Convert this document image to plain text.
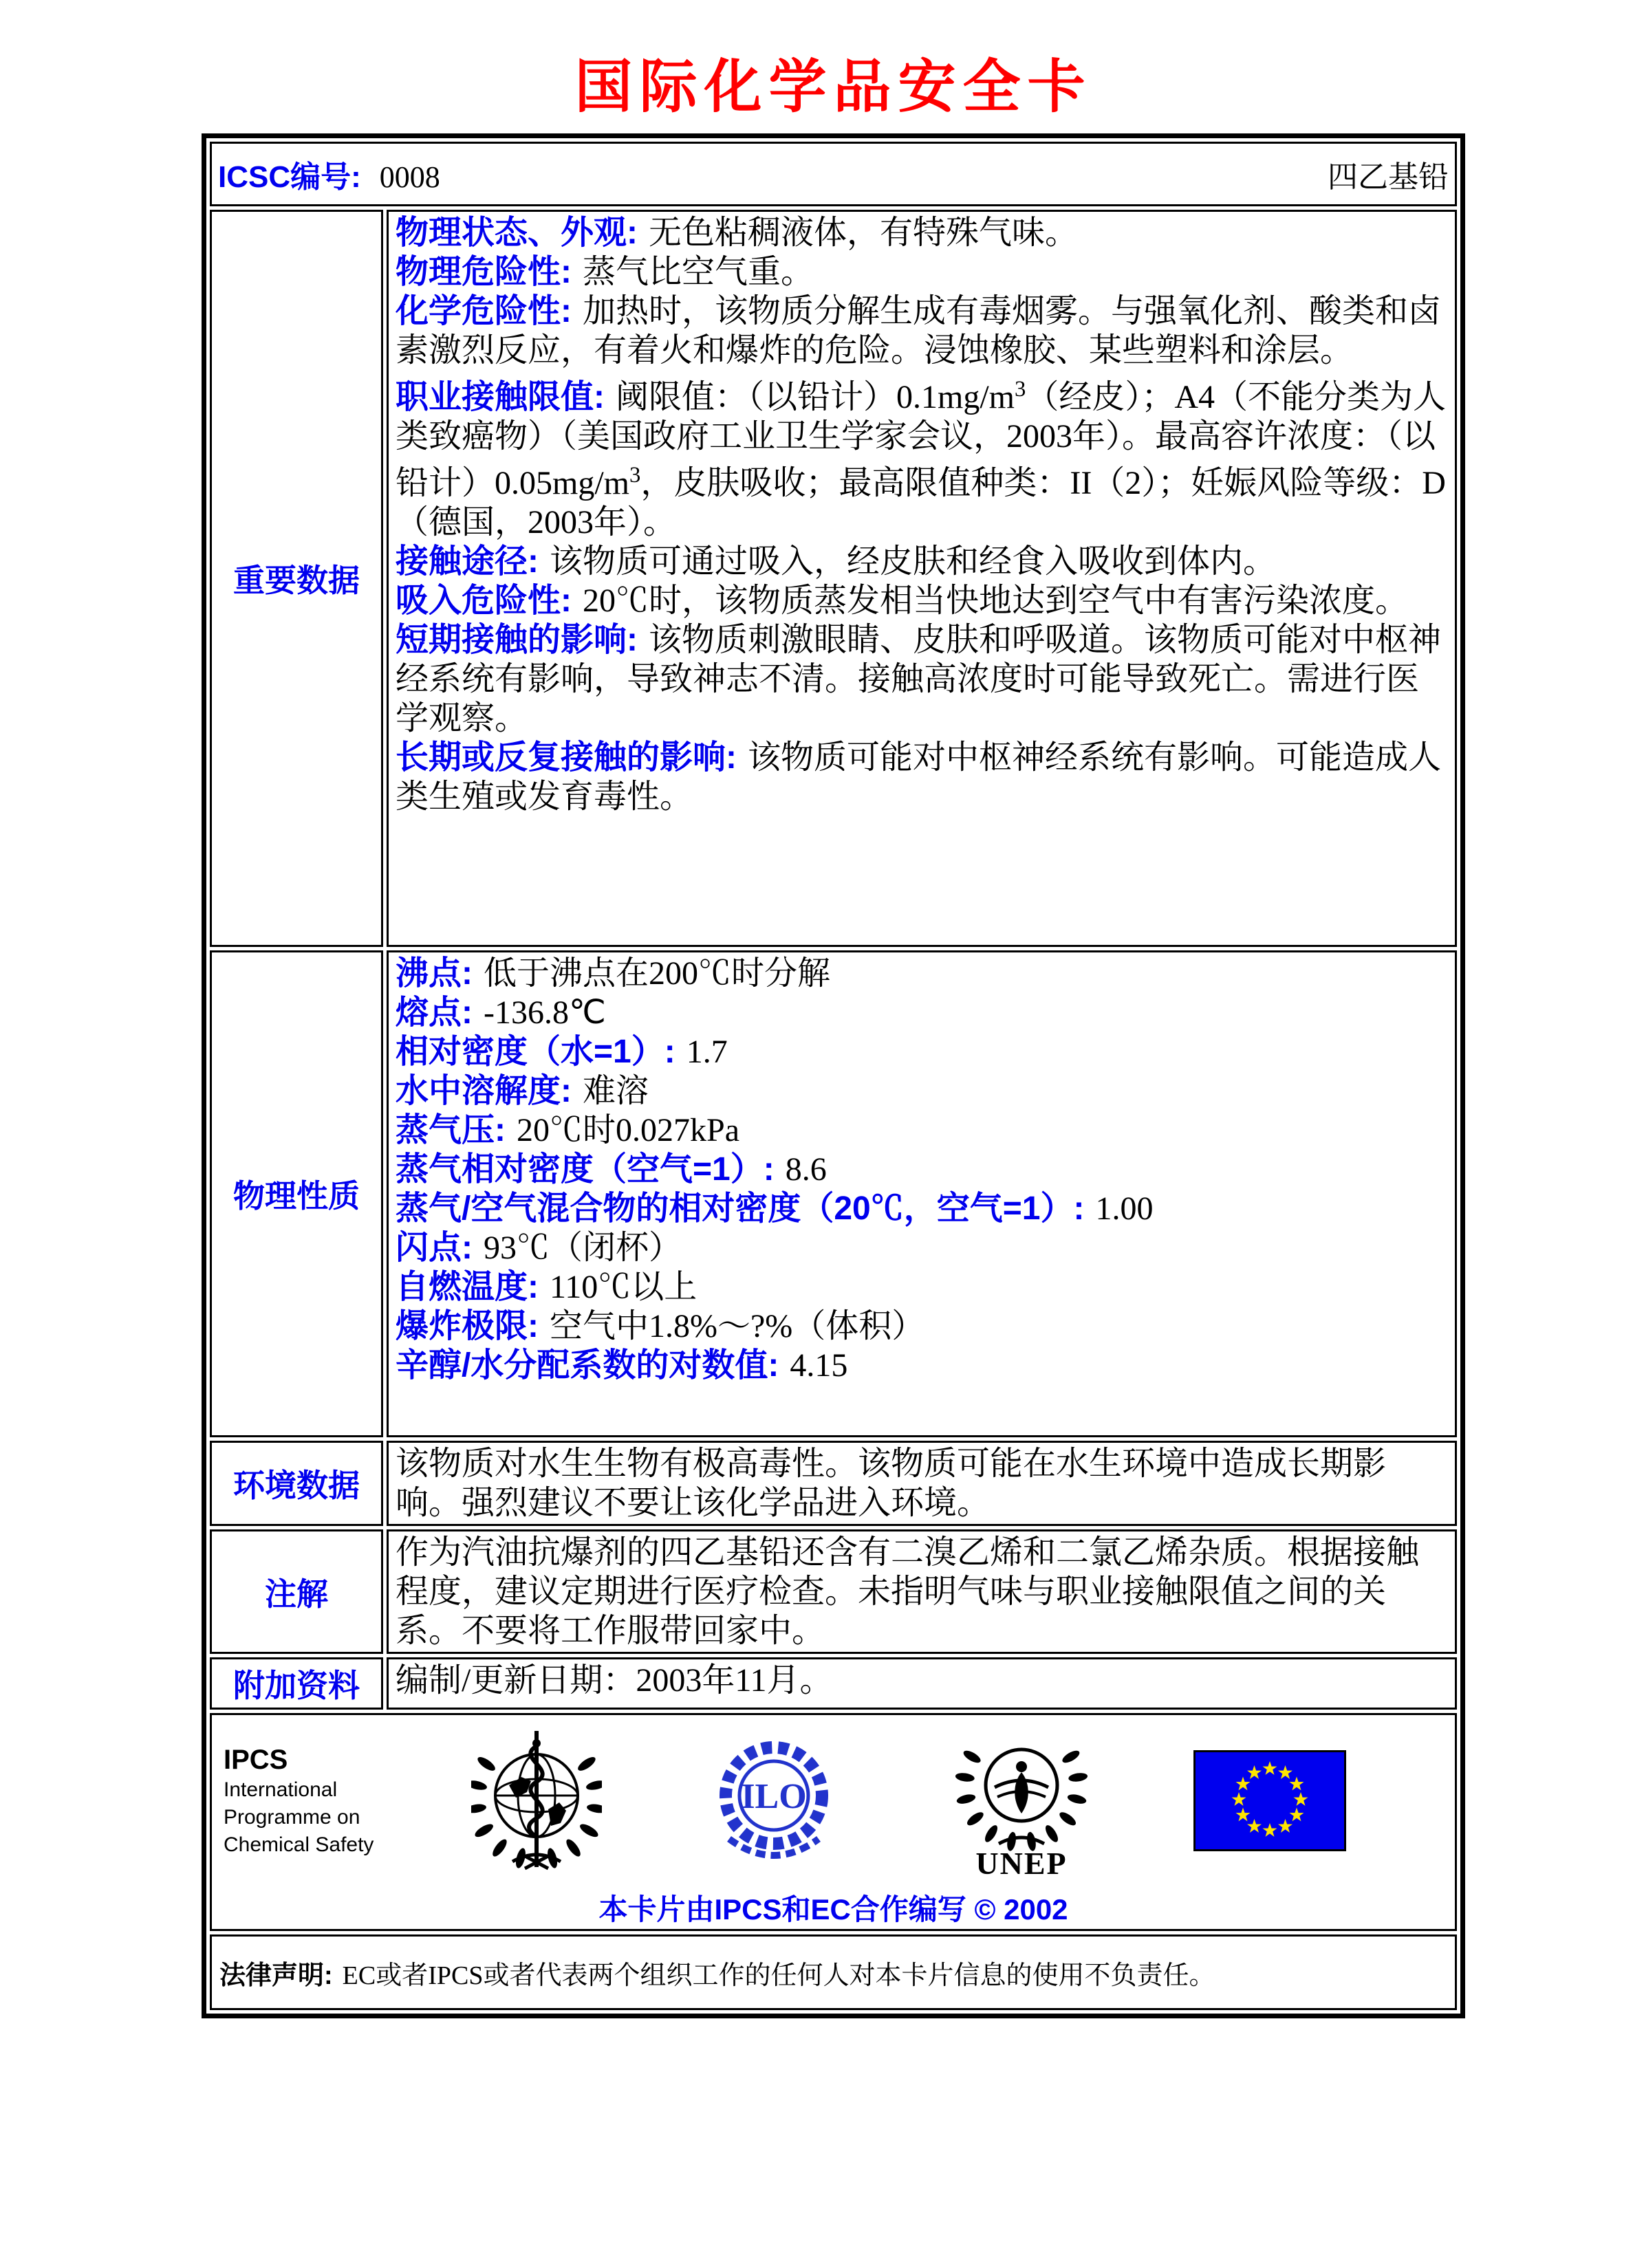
国际化学品安全卡
ICSC编号: 0008 四乙基铅	

重要数据	
物理状态、外观: 无色粘稠液体，有特殊气味。
物理危险性: 蒸气比空气重。
化学危险性: 加热时，该物质分解生成有毒烟雾。与强氧化剂、酸类和卤素激烈反应，有着火和爆炸的危险。浸蚀橡胶、某些塑料和涂层。
职业接触限值: 阈限值：（以铅计）$0.1mg/m^3$（经皮）；A4（不能分类为人类致癌物）（美国政府工业卫生学家会议，2003年）。最高容许浓度：（以铅计）$0.05mg/m^3$，皮肤吸收；最高限值种类：II（2）；妊娠风险等级：D（德国，2003年）。
接触途径: 该物质可通过吸入，经皮肤和经食入吸收到体内。
吸入危险性: 20℃时，该物质蒸发相当快地达到空气中有害污染浓度。
短期接触的影响: 该物质刺激眼睛、皮肤和呼吸道。该物质可能对中枢神经系统有影响，导致神志不清。接触高浓度时可能导致死亡。需进行医学观察。
长期或反复接触的影响: 该物质可能对中枢神经系统有影响。可能造成人类生殖或发育毒性。

物理性质	
沸点: 低于沸点在200℃时分解
熔点: -136.8℃
相对密度（水=1）: 1.7
水中溶解度: 难溶
蒸气压: 20℃时0.027kPa
蒸气相对密度（空气=1）: 8.6
蒸气/空气混合物的相对密度（20℃，空气=1）: 1.00
闪点: 93℃（闭杯）
自燃温度: 110℃以上
爆炸极限: 空气中1.8%～?%（体积）
辛醇/水分配系数的对数值: 4.15

环境数据	该物质对水生生物有极高毒性。该物质可能在水生环境中造成长期影响。强烈建议不要让该化学品进入环境。

注解	作为汽油抗爆剂的四乙基铅还含有二溴乙烯和二氯乙烯杂质。根据接触程度，建议定期进行医疗检查。未指明气味与职业接触限值之间的关系。不要将工作服带回家中。

附加资料	编制/更新日期：2003年11月。

IPCS
International
Programme on
Chemical Safety
ILO
UNEP
本卡片由IPCS和EC合作编写 © 2002

法律声明: EC或者IPCS或者代表两个组织工作的任何人对本卡片信息的使用不负责任。	
